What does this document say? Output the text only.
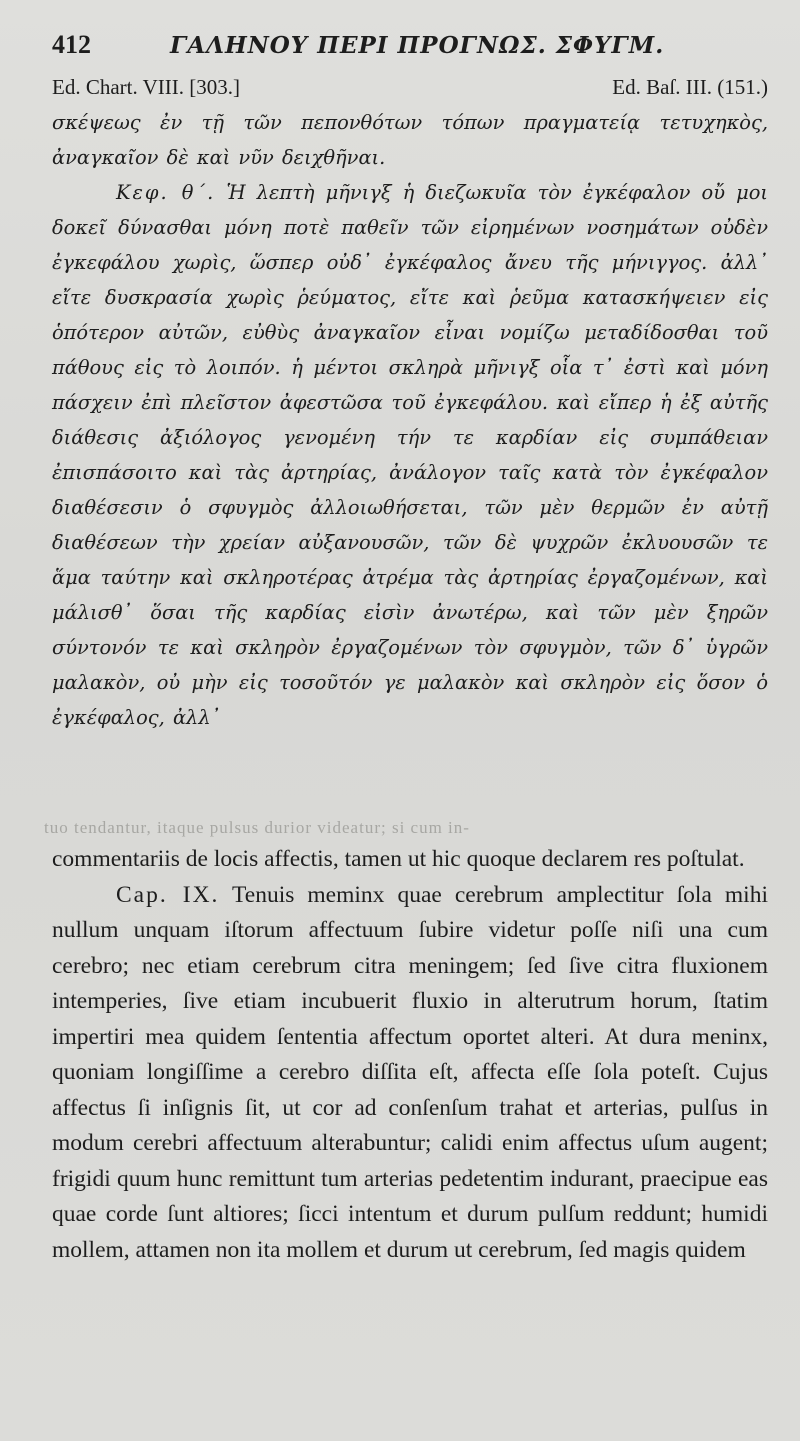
412	ΓΑΛΗΝΟΥ ΠΕΡΙ ΠΡΟΓΝΩΣ. ΣΦΥΓΜ.
Ed. Chart. VIII. [303.]	Ed. Baſ. III. (151.)

σκέψεως ἐν τῇ τῶν πεπονθότων τόπων πραγματείᾳ τετυχηκὸς, ἀναγκαῖον δὲ καὶ νῦν δειχθῆναι.

Κεφ. θ΄. Ἡ λεπτὴ μῆνιγξ ἡ διεζωκυῖα τὸν ἐγκέφαλον οὔ μοι δοκεῖ δύνασθαι μόνη ποτὲ παθεῖν τῶν εἰρημένων νοσημάτων οὐδὲν ἐγκεφάλου χωρὶς, ὥσπερ οὐδ᾽ ἐγκέφαλος ἄνευ τῆς μήνιγγος. ἀλλ᾽ εἴτε δυσκρασία χωρὶς ῥεύματος, εἴτε καὶ ῥεῦμα κατασκήψειεν εἰς ὁπότερον αὐτῶν, εὐθὺς ἀναγκαῖον εἶναι νομίζω μεταδίδοσθαι τοῦ πάθους εἰς τὸ λοιπόν. ἡ μέντοι σκληρὰ μῆνιγξ οἷα τ᾽ ἐστὶ καὶ μόνη πάσχειν ἐπὶ πλεῖστον ἀφεστῶσα τοῦ ἐγκεφάλου. καὶ εἴπερ ἡ ἐξ αὐτῆς διάθεσις ἀξιόλογος γενομένη τήν τε καρδίαν εἰς συμπάθειαν ἐπισπάσοιτο καὶ τὰς ἀρτηρίας, ἀνάλογον ταῖς κατὰ τὸν ἐγκέφαλον διαθέσεσιν ὁ σφυγμὸς ἀλλοιωθήσεται, τῶν μὲν θερμῶν ἐν αὐτῇ διαθέσεων τὴν χρείαν αὐξανουσῶν, τῶν δὲ ψυχρῶν ἐκλυουσῶν τε ἅμα ταύτην καὶ σκληροτέρας ἀτρέμα τὰς ἀρτηρίας ἐργαζομένων, καὶ μάλισθ᾽ ὅσαι τῆς καρδίας εἰσὶν ἀνωτέρω, καὶ τῶν μὲν ξηρῶν σύντονόν τε καὶ σκληρὸν ἐργαζομένων τὸν σφυγμὸν, τῶν δ᾽ ὑγρῶν μαλακὸν, οὐ μὴν εἰς τοσοῦτόν γε μαλακὸν καὶ σκληρὸν εἰς ὅσον ὁ ἐγκέφαλος, ἀλλ᾽

tuo tendantur, itaque pulsus durior videatur; si cum in-

commentariis de locis affectis, tamen ut hic quoque declarem res poſtulat.

Cap. IX. Tenuis meminx quae cerebrum amplectitur ſola mihi nullum unquam iſtorum affectuum ſubire videtur poſſe niſi una cum cerebro; nec etiam cerebrum citra meningem; ſed ſive citra fluxionem intemperies, ſive etiam incubuerit fluxio in alterutrum horum, ſtatim impertiri mea quidem ſententia affectum oportet alteri. At dura meninx, quoniam longiſſime a cerebro diſſita eſt, affecta eſſe ſola poteſt. Cujus affectus ſi inſignis ſit, ut cor ad conſenſum trahat et arterias, pulſus in modum cerebri affectuum alterabuntur; calidi enim affectus uſum augent; frigidi quum hunc remittunt tum arterias pedetentim indurant, praecipue eas quae corde ſunt altiores; ſicci intentum et durum pulſum reddunt; humidi mollem, attamen non ita mollem et durum ut cerebrum, ſed magis quidem
